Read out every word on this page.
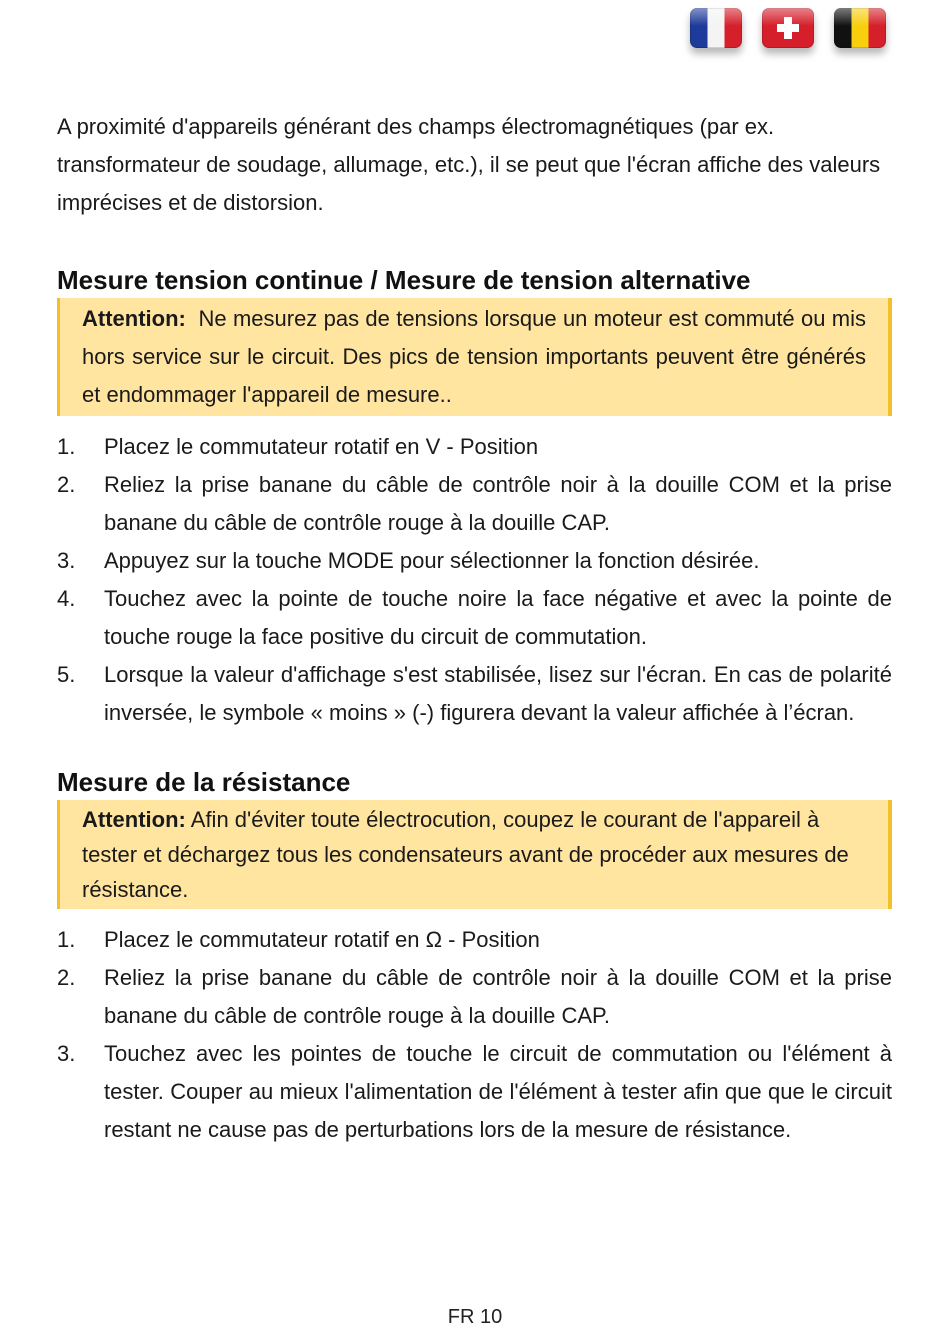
A proximité d'appareils générant des champs électromagnétiques (par ex. transformateur de soudage, allumage, etc.), il se peut que l'écran affiche des valeurs imprécises et de distorsion.

Mesure tension continue / Mesure de tension alternative
Attention: Ne mesurez pas de tensions lorsque un moteur est commuté ou mis hors service sur le circuit. Des pics de tension importants peuvent être générés et endommager l'appareil de mesure..
1. Placez le commutateur rotatif en V - Position
2. Reliez la prise banane du câble de contrôle noir à la douille COM et la prise banane du câble de contrôle rouge à la douille CAP.
3. Appuyez sur la touche MODE pour sélectionner la fonction désirée.
4. Touchez avec la pointe de touche noire la face négative et avec la pointe de touche rouge la face positive du circuit de commutation.
5. Lorsque la valeur d'affichage s'est stabilisée, lisez sur l'écran. En cas de polarité inversée, le symbole « moins » (-) figurera devant la valeur affichée à l’écran.
Mesure de la résistance
Attention: Afin d'éviter toute électrocution, coupez le courant de l'appareil à tester et déchargez tous les condensateurs avant de procéder aux mesures de résistance.
1. Placez le commutateur rotatif en Ω - Position
2. Reliez la prise banane du câble de contrôle noir à la douille COM et la prise banane du câble de contrôle rouge à la douille CAP.
3. Touchez avec les pointes de touche le circuit de commutation ou l'élément à tester. Couper au mieux l'alimentation de l'élément à tester afin que que le circuit restant ne cause pas de perturbations lors de la mesure de résistance.
FR 10
